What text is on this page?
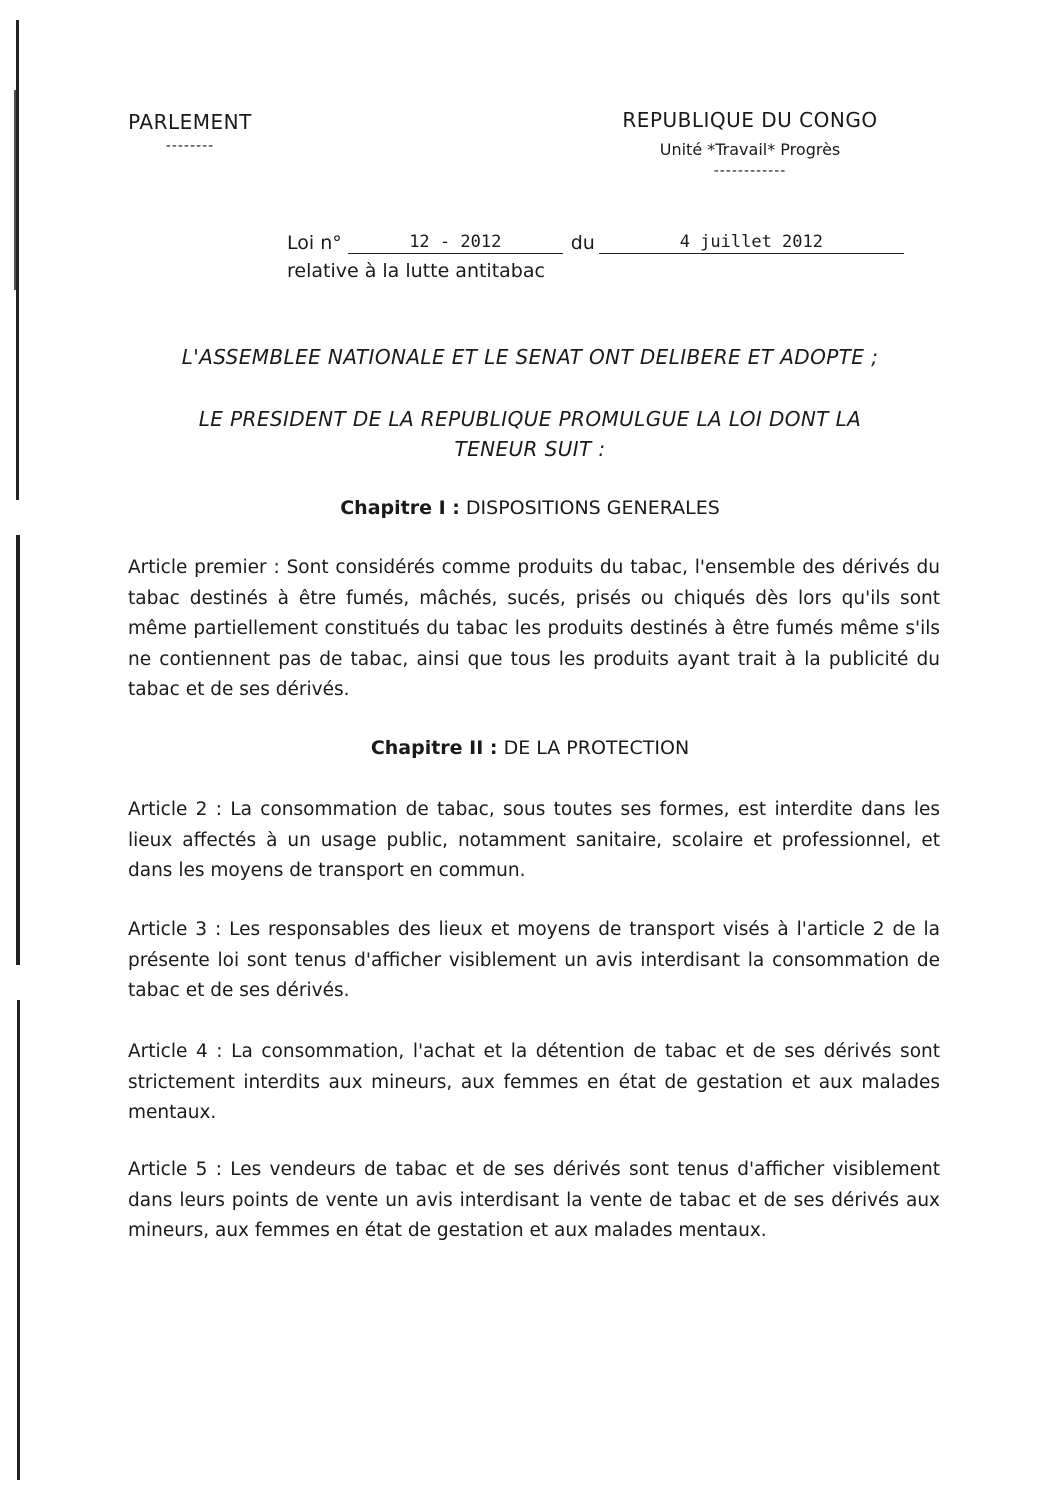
PARLEMENT
--------
REPUBLIQUE DU CONGO
Unité *Travail* Progrès
------------
Loi n°	12 - 2012	du	4 juillet 2012
relative à la lutte antitabac
L'ASSEMBLEE NATIONALE ET LE SENAT ONT DELIBERE ET ADOPTE ;
LE PRESIDENT DE LA REPUBLIQUE PROMULGUE LA LOI DONT LA
TENEUR SUIT :
Chapitre I : DISPOSITIONS GENERALES
Article premier : Sont considérés comme produits du tabac, l'ensemble des dérivés du tabac destinés à être fumés, mâchés, sucés, prisés ou chiqués dès lors qu'ils sont même partiellement constitués du tabac les produits destinés à être fumés même s'ils ne contiennent pas de tabac, ainsi que tous les produits ayant trait à la publicité du tabac et de ses dérivés.
Chapitre II : DE LA PROTECTION
Article 2 : La consommation de tabac, sous toutes ses formes, est interdite dans les lieux affectés à un usage public, notamment sanitaire, scolaire et professionnel, et dans les moyens de transport en commun.
Article 3 : Les responsables des lieux et moyens de transport visés à l'article 2 de la présente loi sont tenus d'afficher visiblement un avis interdisant la consommation de tabac et de ses dérivés.
Article 4 : La consommation, l'achat et la détention de tabac et de ses dérivés sont strictement interdits aux mineurs, aux femmes en état de gestation et aux malades mentaux.
Article 5 : Les vendeurs de tabac et de ses dérivés sont tenus d'afficher visiblement dans leurs points de vente un avis interdisant la vente de tabac et de ses dérivés aux mineurs, aux femmes en état de gestation et aux malades mentaux.
